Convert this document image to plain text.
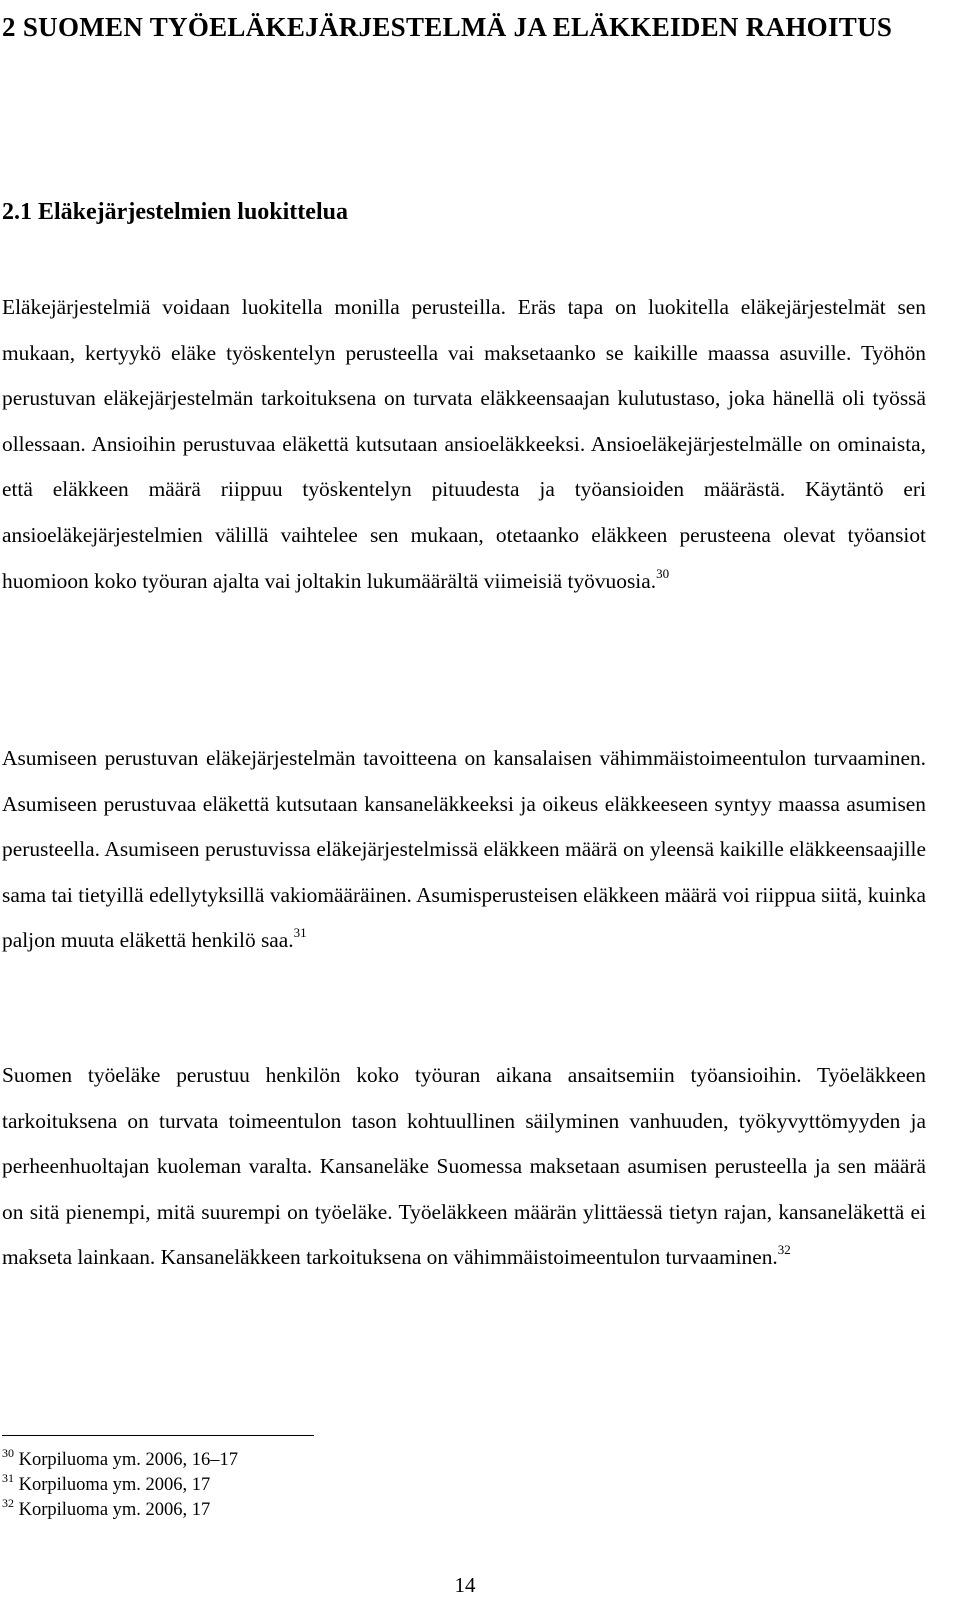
2 SUOMEN TYÖELÄKEJÄRJESTELMÄ JA ELÄKKEIDEN RAHOITUS
2.1 Eläkejärjestelmien luokittelua

Eläkejärjestelmiä voidaan luokitella monilla perusteilla. Eräs tapa on luokitella eläkejärjestelmät sen mukaan, kertyykö eläke työskentelyn perusteella vai maksetaanko se kaikille maassa asuville. Työhön perustuvan eläkejärjestelmän tarkoituksena on turvata eläkkeensaajan kulutustaso, joka hänellä oli työssä ollessaan. Ansioihin perustuvaa eläkettä kutsutaan ansioeläkkeeksi. Ansioeläkejärjestelmälle on ominaista, että eläkkeen määrä riippuu työskentelyn pituudesta ja työansioiden määrästä. Käytäntö eri ansioeläkejärjestelmien välillä vaihtelee sen mukaan, otetaanko eläkkeen perusteena olevat työansiot huomioon koko työuran ajalta vai joltakin lukumäärältä viimeisiä työvuosia.$^{30}$

Asumiseen perustuvan eläkejärjestelmän tavoitteena on kansalaisen vähimmäistoimeentulon turvaaminen. Asumiseen perustuvaa eläkettä kutsutaan kansaneläkkeeksi ja oikeus eläkkeeseen syntyy maassa asumisen perusteella. Asumiseen perustuvissa eläkejärjestelmissä eläkkeen määrä on yleensä kaikille eläkkeensaajille sama tai tietyillä edellytyksillä vakiomääräinen. Asumisperusteisen eläkkeen määrä voi riippua siitä, kuinka paljon muuta eläkettä henkilö saa.$^{31}$

Suomen työeläke perustuu henkilön koko työuran aikana ansaitsemiin työansioihin. Työeläkkeen tarkoituksena on turvata toimeentulon tason kohtuullinen säilyminen vanhuuden, työkyvyttömyyden ja perheenhuoltajan kuoleman varalta. Kansaneläke Suomessa maksetaan asumisen perusteella ja sen määrä on sitä pienempi, mitä suurempi on työeläke. Työeläkkeen määrän ylittäessä tietyn rajan, kansaneläkettä ei makseta lainkaan. Kansaneläkkeen tarkoituksena on vähimmäistoimeentulon turvaaminen.$^{32}$

$^{30}$ Korpiluoma ym. 2006, 16–17
$^{31}$ Korpiluoma ym. 2006, 17
$^{32}$ Korpiluoma ym. 2006, 17
14
